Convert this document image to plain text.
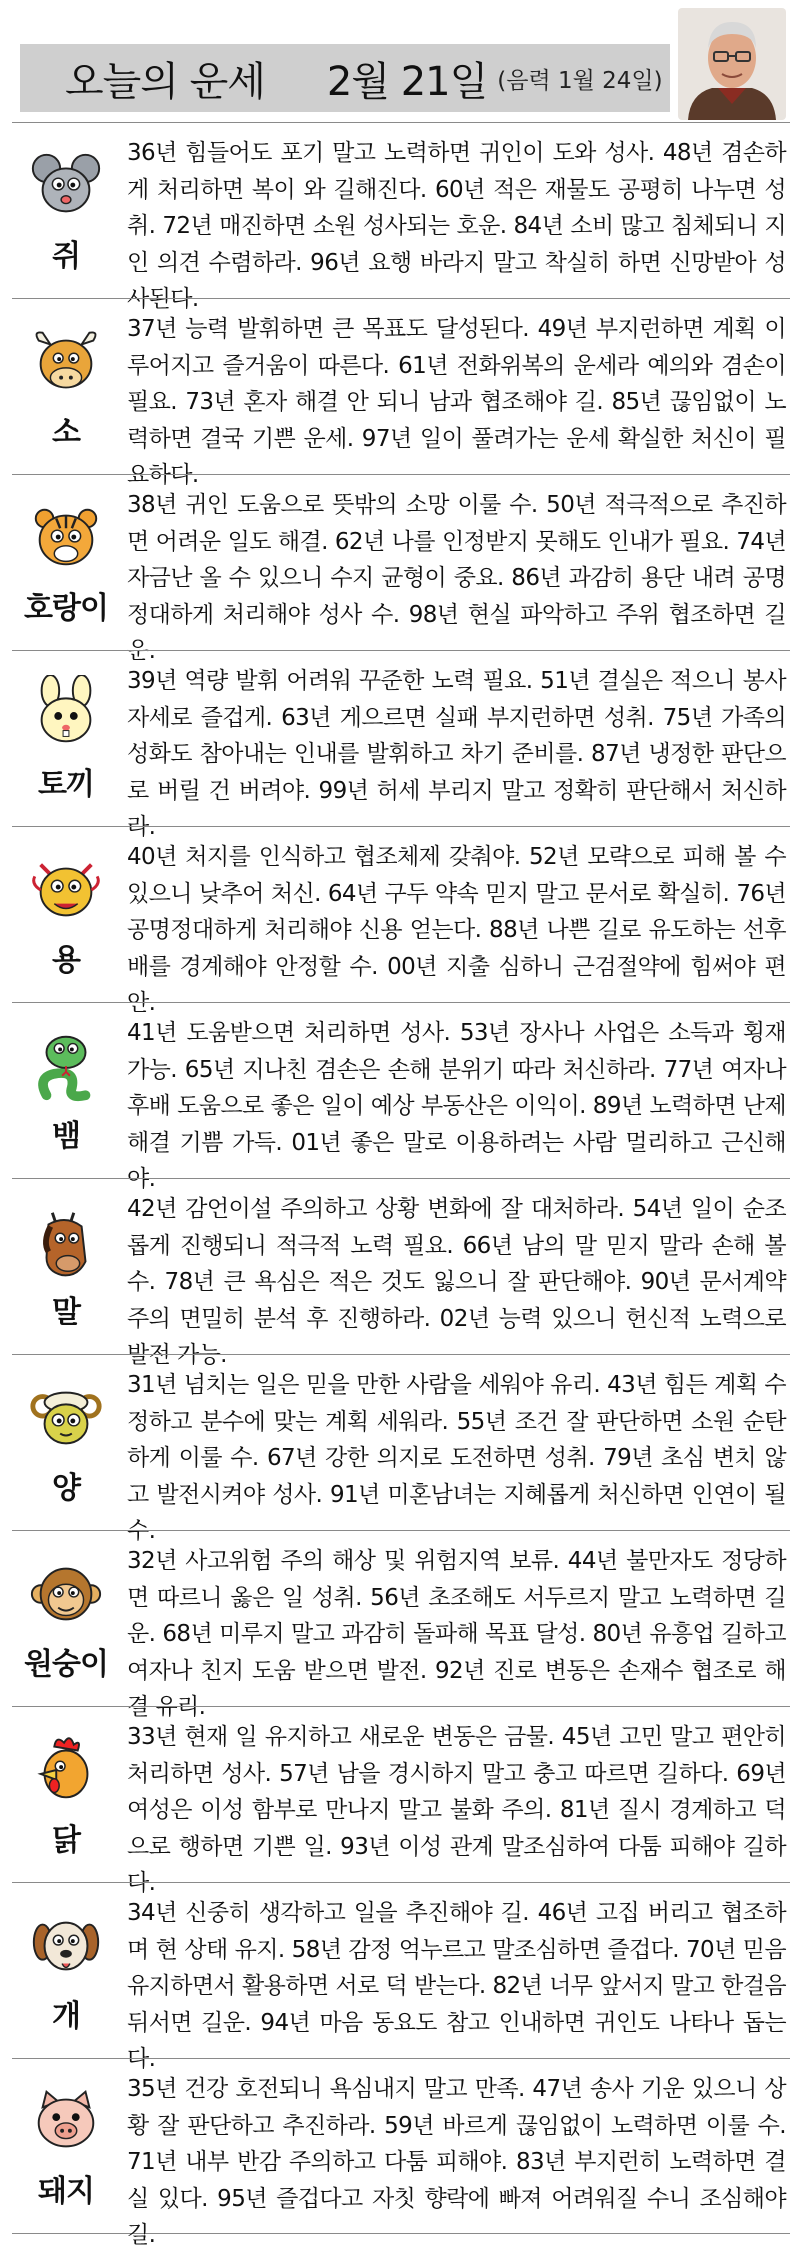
오늘의 운세 2월 21일 (음력 1월 24일)
쥐
36년 힘들어도 포기 말고 노력하면 귀인이 도와 성사. 48년 겸손하게 처리하면 복이 와 길해진다. 60년 적은 재물도 공평히 나누면 성취. 72년 매진하면 소원 성사되는 호운. 84년 소비 많고 침체되니 지인 의견 수렴하라. 96년 요행 바라지 말고 착실히 하면 신망받아 성사된다.
소
37년 능력 발휘하면 큰 목표도 달성된다. 49년 부지런하면 계획 이루어지고 즐거움이 따른다. 61년 전화위복의 운세라 예의와 겸손이 필요. 73년 혼자 해결 안 되니 남과 협조해야 길. 85년 끊임없이 노력하면 결국 기쁜 운세. 97년 일이 풀려가는 운세 확실한 처신이 필요하다.
호랑이
38년 귀인 도움으로 뜻밖의 소망 이룰 수. 50년 적극적으로 추진하면 어려운 일도 해결. 62년 나를 인정받지 못해도 인내가 필요. 74년 자금난 올 수 있으니 수지 균형이 중요. 86년 과감히 용단 내려 공명정대하게 처리해야 성사 수. 98년 현실 파악하고 주위 협조하면 길운.
토끼
39년 역량 발휘 어려워 꾸준한 노력 필요. 51년 결실은 적으니 봉사 자세로 즐겁게. 63년 게으르면 실패 부지런하면 성취. 75년 가족의 성화도 참아내는 인내를 발휘하고 차기 준비를. 87년 냉정한 판단으로 버릴 건 버려야. 99년 허세 부리지 말고 정확히 판단해서 처신하라.
용
40년 처지를 인식하고 협조체제 갖춰야. 52년 모략으로 피해 볼 수 있으니 낮추어 처신. 64년 구두 약속 믿지 말고 문서로 확실히. 76년 공명정대하게 처리해야 신용 얻는다. 88년 나쁜 길로 유도하는 선후배를 경계해야 안정할 수. 00년 지출 심하니 근검절약에 힘써야 편안.
뱀
41년 도움받으면 처리하면 성사. 53년 장사나 사업은 소득과 횡재 가능. 65년 지나친 겸손은 손해 분위기 따라 처신하라. 77년 여자나 후배 도움으로 좋은 일이 예상 부동산은 이익이. 89년 노력하면 난제 해결 기쁨 가득. 01년 좋은 말로 이용하려는 사람 멀리하고 근신해야.
말
42년 감언이설 주의하고 상황 변화에 잘 대처하라. 54년 일이 순조롭게 진행되니 적극적 노력 필요. 66년 남의 말 믿지 말라 손해 볼 수. 78년 큰 욕심은 적은 것도 잃으니 잘 판단해야. 90년 문서계약 주의 면밀히 분석 후 진행하라. 02년 능력 있으니 헌신적 노력으로 발전 가능.
양
31년 넘치는 일은 믿을 만한 사람을 세워야 유리. 43년 힘든 계획 수정하고 분수에 맞는 계획 세워라. 55년 조건 잘 판단하면 소원 순탄하게 이룰 수. 67년 강한 의지로 도전하면 성취. 79년 초심 변치 않고 발전시켜야 성사. 91년 미혼남녀는 지혜롭게 처신하면 인연이 될 수.
원숭이
32년 사고위험 주의 해상 및 위험지역 보류. 44년 불만자도 정당하면 따르니 옳은 일 성취. 56년 초조해도 서두르지 말고 노력하면 길운. 68년 미루지 말고 과감히 돌파해 목표 달성. 80년 유흥업 길하고 여자나 친지 도움 받으면 발전. 92년 진로 변동은 손재수 협조로 해결 유리.
닭
33년 현재 일 유지하고 새로운 변동은 금물. 45년 고민 말고 편안히 처리하면 성사. 57년 남을 경시하지 말고 충고 따르면 길하다. 69년 여성은 이성 함부로 만나지 말고 불화 주의. 81년 질시 경계하고 덕으로 행하면 기쁜 일. 93년 이성 관계 말조심하여 다툼 피해야 길하다.
개
34년 신중히 생각하고 일을 추진해야 길. 46년 고집 버리고 협조하며 현 상태 유지. 58년 감정 억누르고 말조심하면 즐겁다. 70년 믿음 유지하면서 활용하면 서로 덕 받는다. 82년 너무 앞서지 말고 한걸음 뒤서면 길운. 94년 마음 동요도 참고 인내하면 귀인도 나타나 돕는다.
돼지
35년 건강 호전되니 욕심내지 말고 만족. 47년 송사 기운 있으니 상황 잘 판단하고 추진하라. 59년 바르게 끊임없이 노력하면 이룰 수. 71년 내부 반감 주의하고 다툼 피해야. 83년 부지런히 노력하면 결실 있다. 95년 즐겁다고 자칫 향락에 빠져 어려워질 수니 조심해야 길.
